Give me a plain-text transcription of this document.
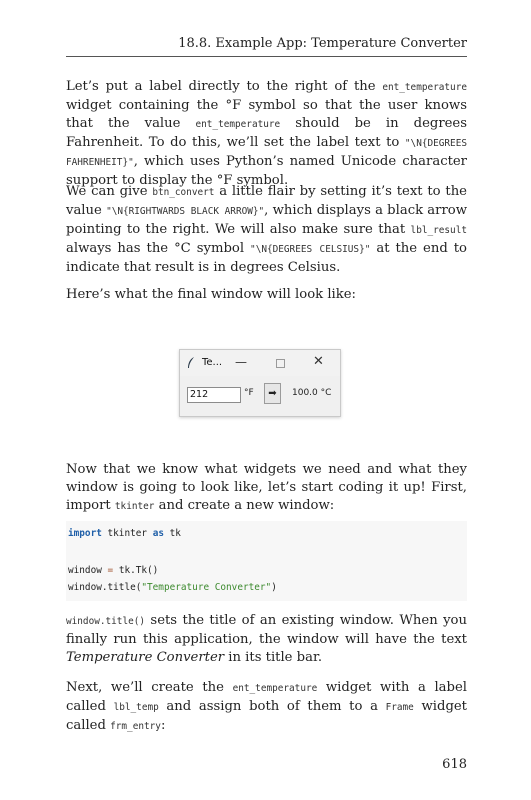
18.8. Example App: Temperature Converter

Let’s put a label directly to the right of the ent_temperature widget containing the °F symbol so that the user knows that the value ent_temperature should be in degrees Fahrenheit. To do this, we’ll set the label text to "\N{DEGREES FAHRENHEIT}", which uses Python’s named Unicode character support to display the °F symbol.

We can give btn_convert a little flair by setting it’s text to the value "\N{RIGHTWARDS BLACK ARROW}", which displays a black arrow pointing to the right. We will also make sure that lbl_result always has the °C symbol "\N{DEGREES CELSIUS}" at the end to indicate that result is in degrees Celsius.

Here’s what the final window will look like:

Te... —	✕
212	°F	➡	100.0 °C

Now that we know what widgets we need and what they window is going to look like, let’s start coding it up! First, import tkinter and create a new window:

import tkinter as tk
window = tk.Tk()
window.title("Temperature Converter")

window.title() sets the title of an existing window. When you finally run this application, the window will have the text Temperature Converter in its title bar.

Next, we’ll create the ent_temperature widget with a label called lbl_temp and assign both of them to a Frame widget called frm_entry:

618
